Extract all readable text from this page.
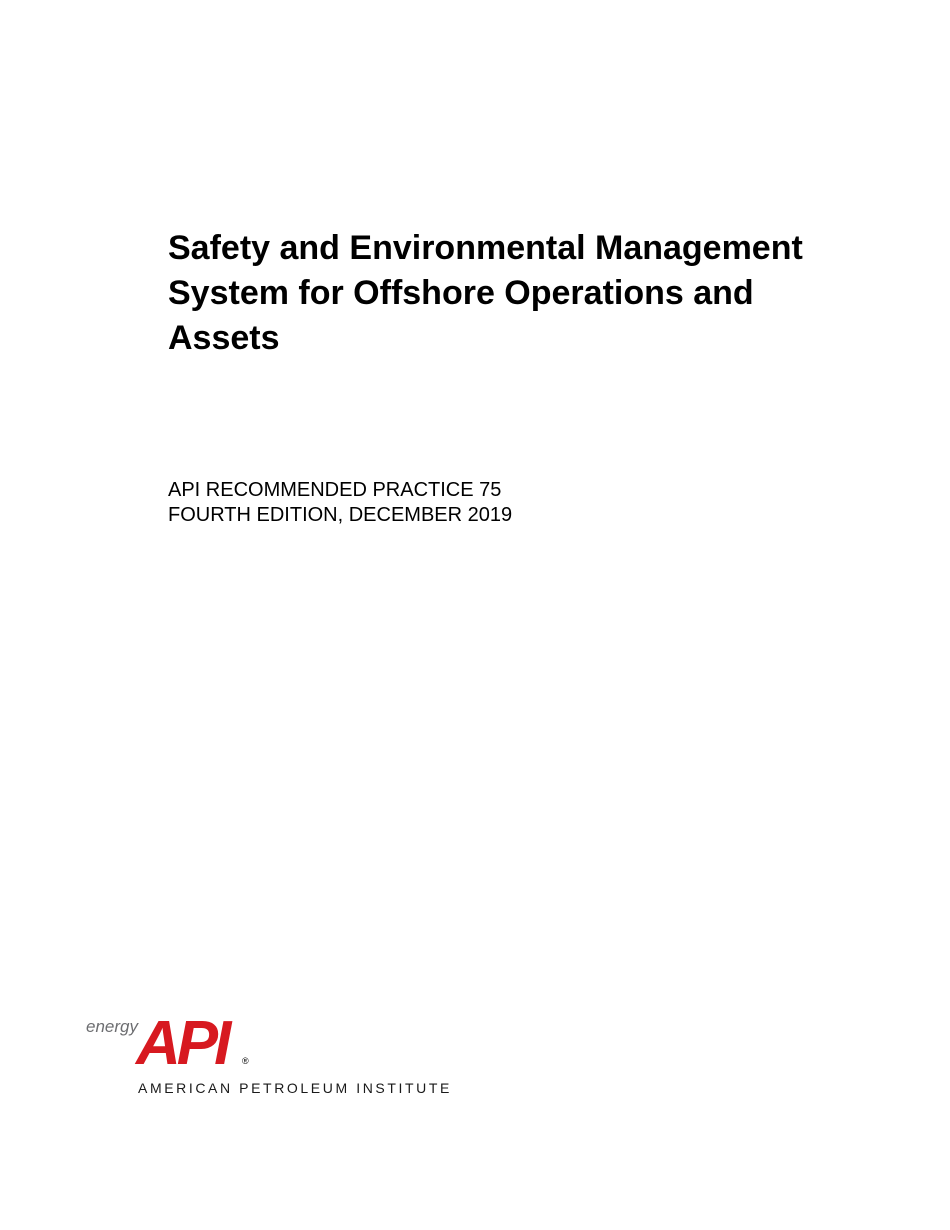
Safety and Environmental Management
System for Offshore Operations and
Assets
API RECOMMENDED PRACTICE 75
FOURTH EDITION, DECEMBER 2019
energy
API	®
AMERICAN PETROLEUM INSTITUTE
